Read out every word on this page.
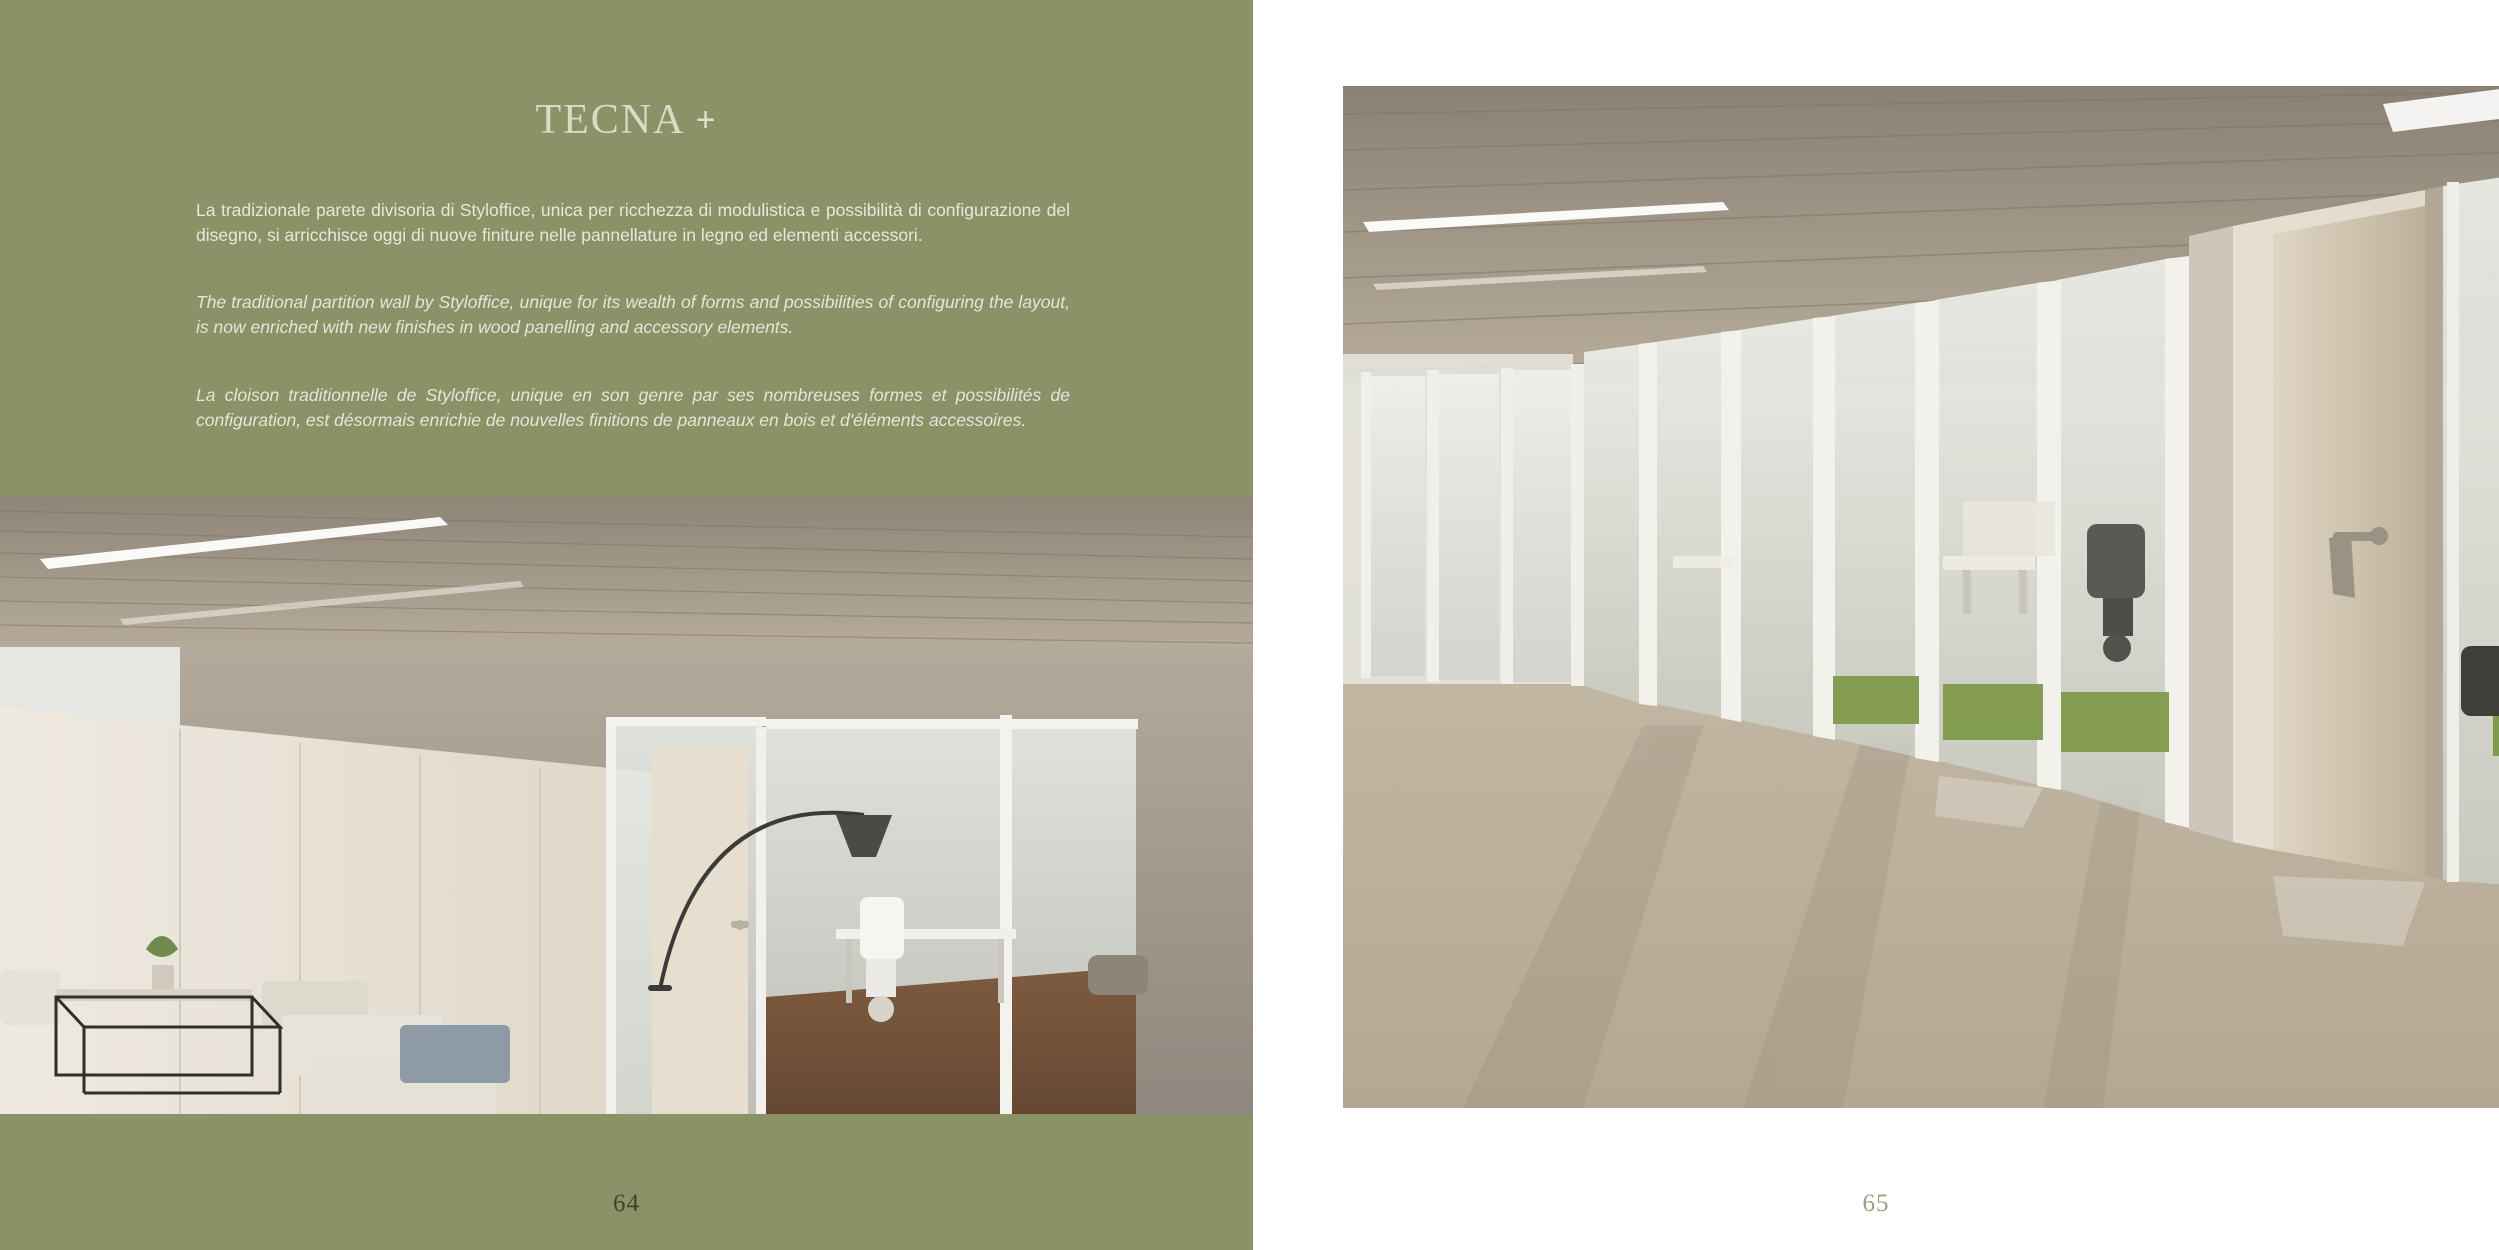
TECNA +
La tradizionale parete divisoria di Styloffice, unica per ricchezza di modulistica e possibilità di configurazione del disegno, si arricchisce oggi di nuove finiture nelle pannellature in legno ed elementi accessori.
The traditional partition wall by Styloffice, unique for its wealth of forms and possibilities of configuring the layout, is now enriched with new finishes in wood panelling and accessory elements.
La cloison traditionnelle de Styloffice, unique en son genre par ses nombreuses formes et possibilités de configuration, est désormais enrichie de nouvelles finitions de panneaux en bois et d'éléments accessoires.
64	65
